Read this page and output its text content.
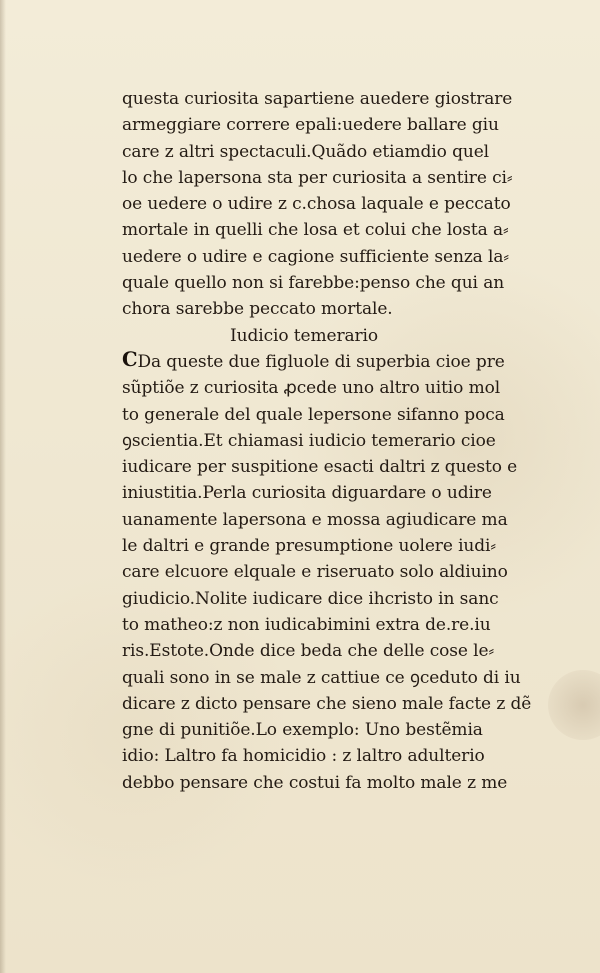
questa curiosita sapartiene auedere giostrare
armeggiare correre epali:uedere ballare giu
care z altri spectaculi.Quãdo etiamdio quel
lo che lapersona sta per curiosita a sentire ci⸗
oe uedere o udire z c.chosa laquale e peccato
mortale in quelli che losa et colui che losta a⸗
uedere o udire e cagione sufficiente senza la⸗
quale quello non si farebbe:penso che qui an
chora sarebbe peccato mortale.
Iudicio temerario
CDa queste due figluole di superbia cioe pre
sũptiõe z curiosita ꝓcede uno altro uitio mol
to generale del quale lepersone sifanno poca
ꝯscientia.Et chiamasi iudicio temerario cioe
iudicare per suspitione esacti daltri z questo e
iniustitia.Perla curiosita diguardare o udire
uanamente lapersona e mossa agiudicare ma
le daltri e grande presumptione uolere iudi⸗
care elcuore elquale e riseruato solo aldiuino
giudicio.Nolite iudicare dice ihcristo in sanc
to matheo:z non iudicabimini extra de.re.iu
ris.Estote.Onde dice beda che delle cose le⸗
quali sono in se male z cattiue ce ꝯceduto di iu
dicare z dicto pensare che sieno male facte z dẽ
gne di punitiõe.Lo exemplo: Uno bestẽmia
idio: Laltro fa homicidio : z laltro adulterio
debbo pensare che costui fa molto male z me
